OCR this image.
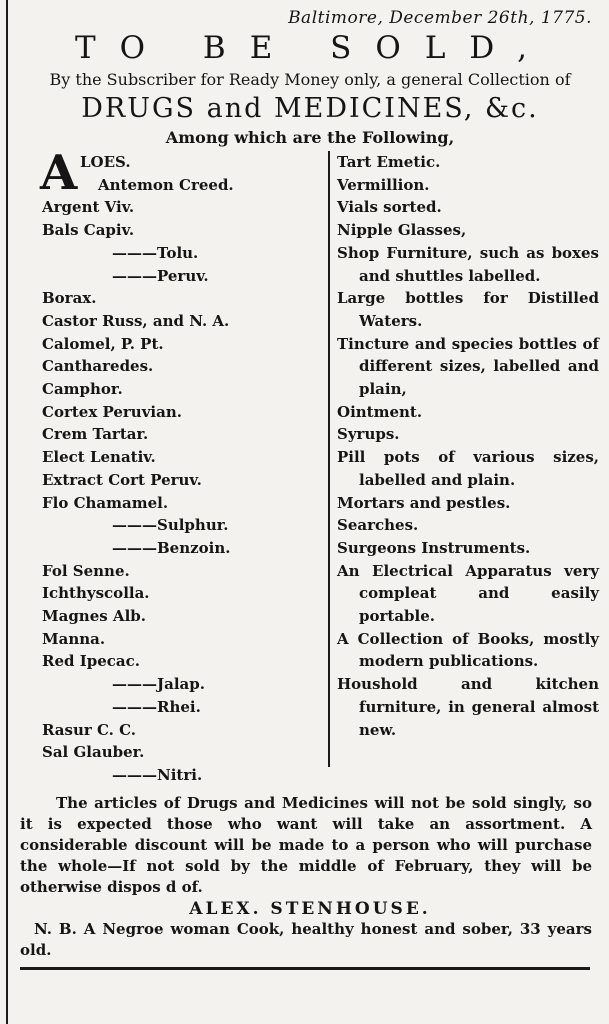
Baltimore, December 26th, 1775.
TO BE SOLD,
By the Subscriber for Ready Money only, a general Collection of
DRUGS and MEDICINES, &c.
Among which are the Following,
A LOES.
Antemon Creed.
Argent Viv.
Bals Capiv.
———Tolu.
———Peruv.
Borax.
Castor Russ, and N. A.
Calomel, P. Pt.
Cantharedes.
Camphor.
Cortex Peruvian.
Crem Tartar.
Elect Lenativ.
Extract Cort Peruv.
Flo Chamamel.
———Sulphur.
———Benzoin.
Fol Senne.
Ichthyscolla.
Magnes Alb.
Manna.
Red Ipecac.
———Jalap.
———Rhei.
Rasur C. C.
Sal Glauber.
———Nitri.
Tart Emetic.
Vermillion.
Vials sorted.
Nipple Glasses,
Shop Furniture, such as boxes and shuttles labelled.
Large bottles for Distilled Waters.
Tincture and species bottles of different sizes, labelled and plain,
Ointment.
Syrups.
Pill pots of various sizes, labelled and plain.
Mortars and pestles.
Searches.
Surgeons Instruments.
An Electrical Apparatus very compleat and easily portable.
A Collection of Books, mostly modern publications.
Houshold and kitchen furniture, in general almost new.
The articles of Drugs and Medicines will not be sold singly, so it is expected those who want will take an assortment. A considerable discount will be made to a person who will purchase the whole—If not sold by the middle of February, they will be otherwise dispos d of.
ALEX. STENHOUSE.
N. B. A Negroe woman Cook, healthy honest and sober, 33 years old.
